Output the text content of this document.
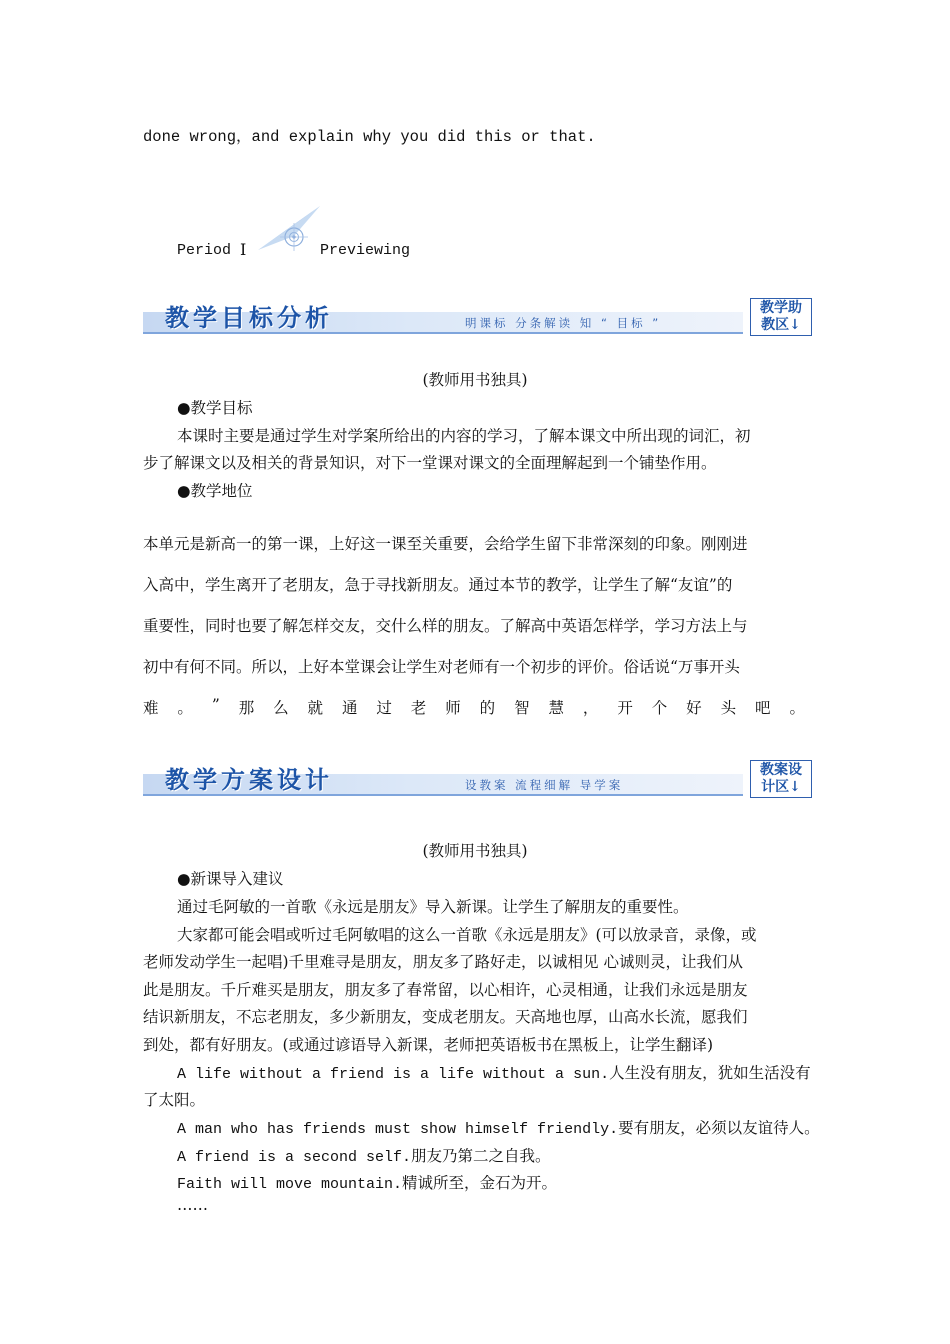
done wrong，and explain why you did this or that.
Period Ⅰ	Previewing
教学目标分析	明课标 分条解读 知 “ 目标 ”
教学助
教区↓
(教师用书独具)
●教学目标
本课时主要是通过学生对学案所给出的内容的学习，了解本课文中所出现的词汇，初
步了解课文以及相关的背景知识，对下一堂课对课文的全面理解起到一个铺垫作用。
●教学地位
本单元是新高一的第一课，上好这一课至关重要，会给学生留下非常深刻的印象。刚刚进
入高中，学生离开了老朋友，急于寻找新朋友。通过本节的教学，让学生了解“友谊”的
重要性，同时也要了解怎样交友，交什么样的朋友。了解高中英语怎样学，学习方法上与
初中有何不同。所以，上好本堂课会让学生对老师有一个初步的评价。俗话说“万事开头
难 。 ” 那 么 就 通 过 老 师 的 智 慧 ， 开 个 好 头 吧 。
教学方案设计	设教案 流程细解 导学案
教案设
计区↓
(教师用书独具)
●新课导入建议
通过毛阿敏的一首歌《永远是朋友》导入新课。让学生了解朋友的重要性。
大家都可能会唱或听过毛阿敏唱的这么一首歌《永远是朋友》(可以放录音，录像，或
老师发动学生一起唱)千里难寻是朋友，朋友多了路好走，以诚相见 心诚则灵，让我们从
此是朋友。千斤难买是朋友，朋友多了春常留，以心相许，心灵相通，让我们永远是朋友
结识新朋友，不忘老朋友，多少新朋友，变成老朋友。天高地也厚，山高水长流，愿我们
到处，都有好朋友。(或通过谚语导入新课，老师把英语板书在黑板上，让学生翻译)
A life without a friend is a life without a sun.人生没有朋友，犹如生活没有
了太阳。
A man who has friends must show himself friendly.要有朋友，必须以友谊待人。
A friend is a second self.朋友乃第二之自我。
Faith will move mountain.精诚所至，金石为开。
……
